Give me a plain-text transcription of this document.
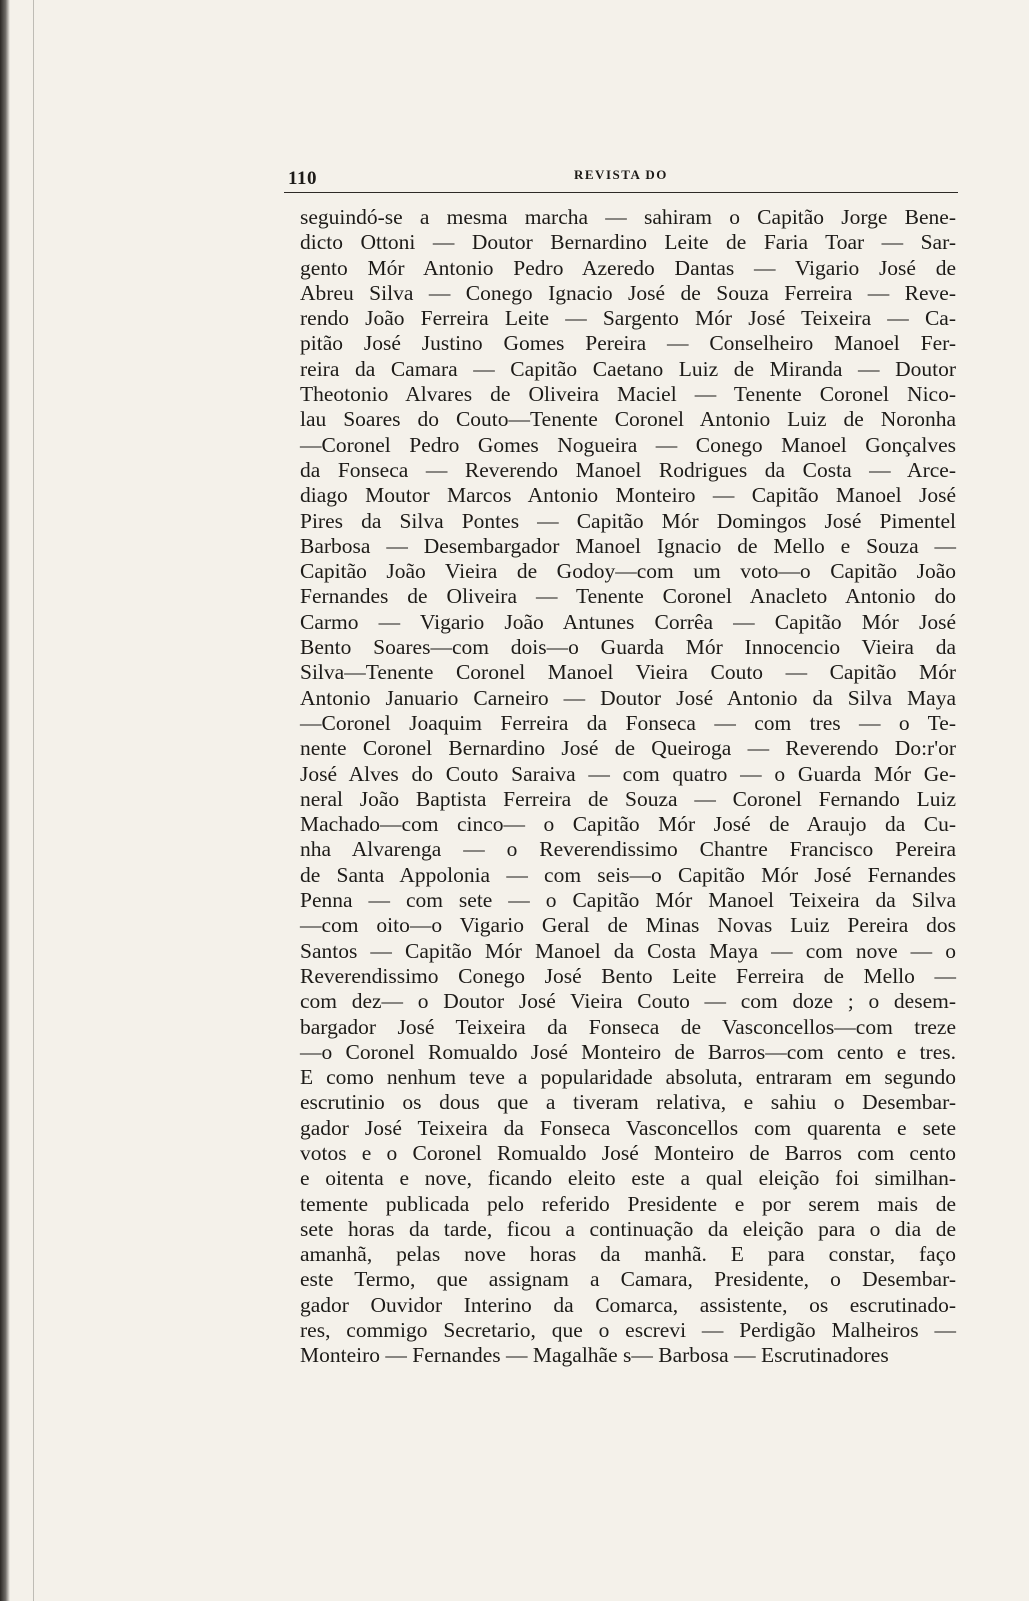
110	REVISTA DO
seguindó-se a mesma marcha — sahiram o Capitão Jorge Bene-
dicto Ottoni — Doutor Bernardino Leite de Faria Toar — Sar-
gento Mór Antonio Pedro Azeredo Dantas — Vigario José de
Abreu Silva — Conego Ignacio José de Souza Ferreira — Reve-
rendo João Ferreira Leite — Sargento Mór José Teixeira — Ca-
pitão José Justino Gomes Pereira — Conselheiro Manoel Fer-
reira da Camara — Capitão Caetano Luiz de Miranda — Doutor
Theotonio Alvares de Oliveira Maciel — Tenente Coronel Nico-
lau Soares do Couto—Tenente Coronel Antonio Luiz de Noronha
—Coronel Pedro Gomes Nogueira — Conego Manoel Gonçalves
da Fonseca — Reverendo Manoel Rodrigues da Costa — Arce-
diago Moutor Marcos Antonio Monteiro — Capitão Manoel José
Pires da Silva Pontes — Capitão Mór Domingos José Pimentel
Barbosa — Desembargador Manoel Ignacio de Mello e Souza —
Capitão João Vieira de Godoy—com um voto—o Capitão João
Fernandes de Oliveira — Tenente Coronel Anacleto Antonio do
Carmo — Vigario João Antunes Corrêa — Capitão Mór José
Bento Soares—com dois—o Guarda Mór Innocencio Vieira da
Silva—Tenente Coronel Manoel Vieira Couto — Capitão Mór
Antonio Januario Carneiro — Doutor José Antonio da Silva Maya
—Coronel Joaquim Ferreira da Fonseca — com tres — o Te-
nente Coronel Bernardino José de Queiroga — Reverendo Do:r'or
José Alves do Couto Saraiva — com quatro — o Guarda Mór Ge-
neral João Baptista Ferreira de Souza — Coronel Fernando Luiz
Machado—com cinco— o Capitão Mór José de Araujo da Cu-
nha Alvarenga — o Reverendissimo Chantre Francisco Pereira
de Santa Appolonia — com seis—o Capitão Mór José Fernandes
Penna — com sete — o Capitão Mór Manoel Teixeira da Silva
—com oito—o Vigario Geral de Minas Novas Luiz Pereira dos
Santos — Capitão Mór Manoel da Costa Maya — com nove — o
Reverendissimo Conego José Bento Leite Ferreira de Mello —
com dez— o Doutor José Vieira Couto — com doze ; o desem-
bargador José Teixeira da Fonseca de Vasconcellos—com treze
—o Coronel Romualdo José Monteiro de Barros—com cento e tres.
E como nenhum teve a popularidade absoluta, entraram em segundo
escrutinio os dous que a tiveram relativa, e sahiu o Desembar-
gador José Teixeira da Fonseca Vasconcellos com quarenta e sete
votos e o Coronel Romualdo José Monteiro de Barros com cento
e oitenta e nove, ficando eleito este a qual eleição foi similhan-
temente publicada pelo referido Presidente e por serem mais de
sete horas da tarde, ficou a continuação da eleição para o dia de
amanhã, pelas nove horas da manhã. E para constar, faço
este Termo, que assignam a Camara, Presidente, o Desembar-
gador Ouvidor Interino da Comarca, assistente, os escrutinado-
res, commigo Secretario, que o escrevi — Perdigão Malheiros —
Monteiro — Fernandes — Magalhãe s— Barbosa — Escrutinadores
